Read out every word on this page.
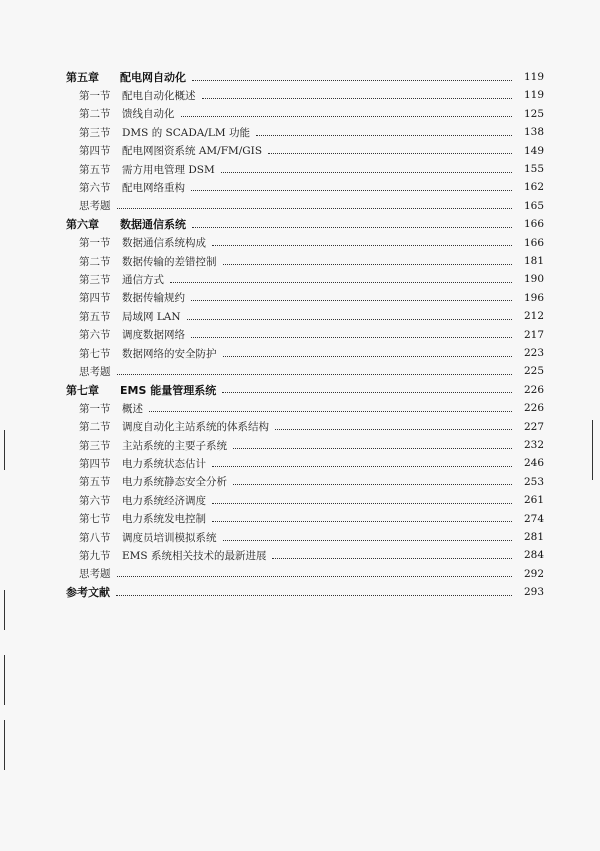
第五章	配电网自动化	119
第一节	配电自动化概述	119
第二节	馈线自动化	125
第三节	DMS 的 SCADA/LM 功能	138
第四节	配电网图资系统 AM/FM/GIS	149
第五节	需方用电管理 DSM	155
第六节	配电网络重构	162
思考题	165
第六章	数据通信系统	166
第一节	数据通信系统构成	166
第二节	数据传输的差错控制	181
第三节	通信方式	190
第四节	数据传输规约	196
第五节	局域网 LAN	212
第六节	调度数据网络	217
第七节	数据网络的安全防护	223
思考题	225
第七章	EMS 能量管理系统	226
第一节	概述	226
第二节	调度自动化主站系统的体系结构	227
第三节	主站系统的主要子系统	232
第四节	电力系统状态估计	246
第五节	电力系统静态安全分析	253
第六节	电力系统经济调度	261
第七节	电力系统发电控制	274
第八节	调度员培训模拟系统	281
第九节	EMS 系统相关技术的最新进展	284
思考题	292
参考文献	293
